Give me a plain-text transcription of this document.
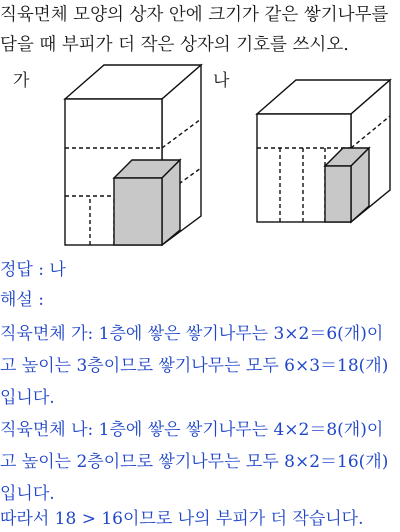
직육면체 모양의 상자 안에 크기가 같은 쌓기나무를
담을 때 부피가 더 작은 상자의 기호를 쓰시오.
가	나
정답 : 나
해설 :
직육면체 가: 1층에 쌓은 쌓기나무는 3×2＝6(개)이
고 높이는 3층이므로 쌓기나무는 모두 6×3＝18(개)
입니다.
직육면체 나: 1층에 쌓은 쌓기나무는 4×2＝8(개)이
고 높이는 2층이므로 쌓기나무는 모두 8×2＝16(개)
입니다.
따라서 18 > 16이므로 나의 부피가 더 작습니다.
